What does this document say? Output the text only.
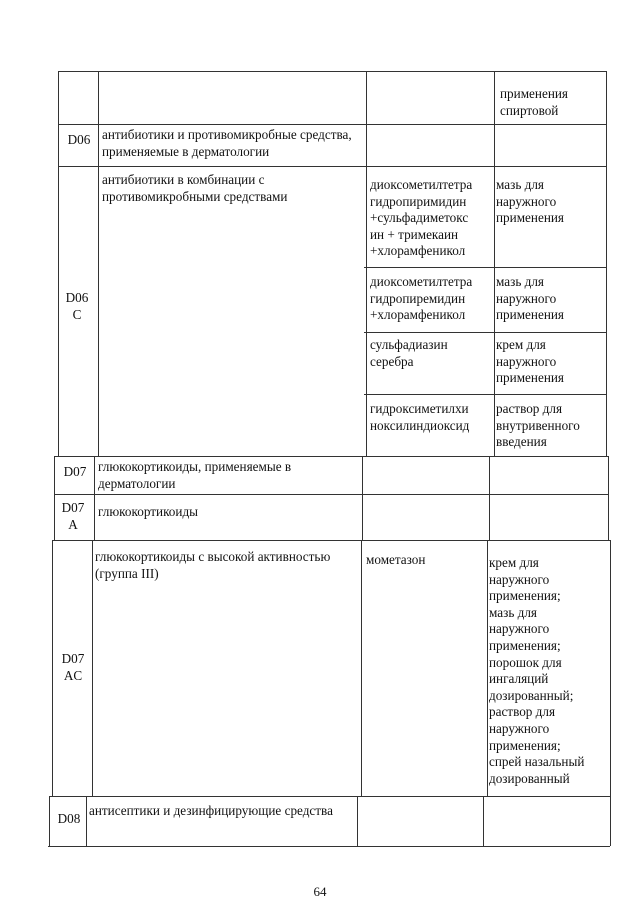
применения спиртовой
D06 антибиотики и противомикробные средства, применяемые в дерматологии
D06 C
антибиотики в комбинации с противомикробными средствами
диоксометилтетра
гидропиримидин
+сульфадиметокс
ин + тримекаин
+хлорамфеникол
мазь для
наружного
применения
диоксометилтетра
гидропиремидин
+хлорамфеникол
мазь для
наружного
применения
сульфадиазин
серебра
крем для
наружного
применения
гидроксиметилхи
ноксилиндиоксид
раствор для
внутривенного
введения
D07 глюкокортикоиды, применяемые в дерматологии
D07 A
глюкокортикоиды
D07 AC
глюкокортикоиды с высокой активностью (группа III)
мометазон	крем для
наружного
применения;
мазь для
наружного
применения;
порошок для
ингаляций
дозированный;
раствор для
наружного
применения;
спрей назальный
дозированный
D08
антисептики и дезинфицирующие средства
64
